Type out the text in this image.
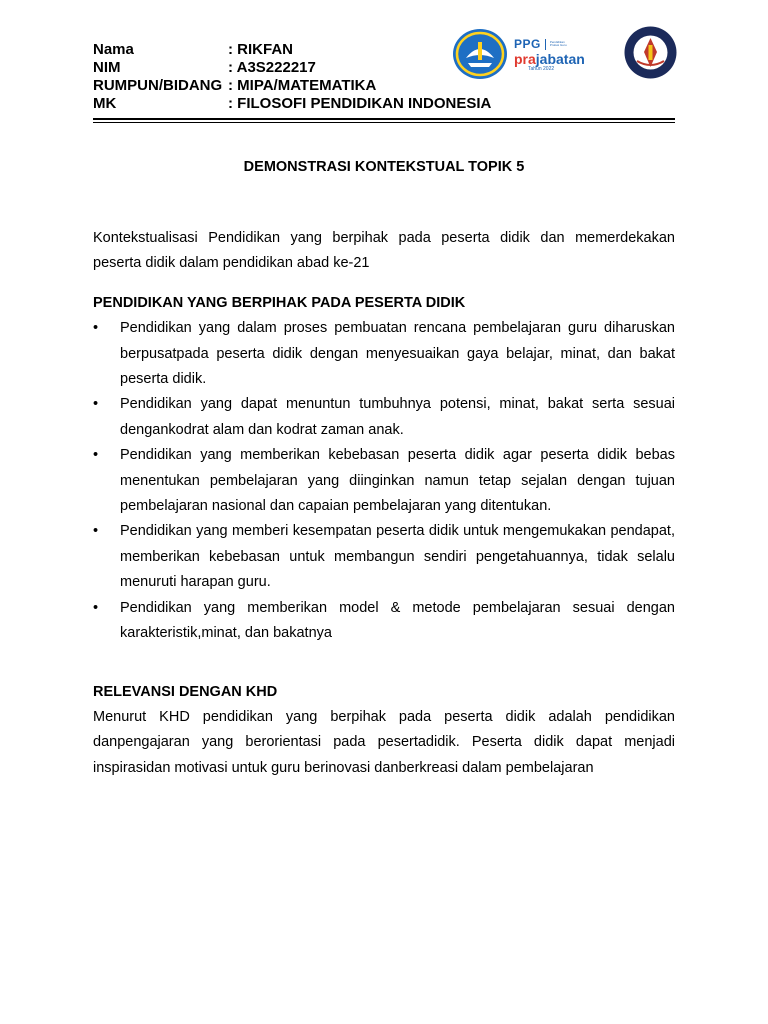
Nama	: RIKFAN
NIM	: A3S222217
RUMPUN/BIDANG : MIPA/MATEMATIKA
MK	: FILOSOFI PENDIDIKAN INDONESIA
PPG	Pendidikan Profesi Guru
prajabatan
Tahun 2022
DEMONSTRASI KONTEKSTUAL TOPIK 5

Kontekstualisasi Pendidikan yang berpihak pada peserta didik dan memerdekakan peserta didik dalam pendidikan abad ke-21

PENDIDIKAN YANG BERPIHAK PADA PESERTA DIDIK

• Pendidikan yang dalam proses pembuatan rencana pembelajaran guru diharuskan berpusatpada peserta didik dengan menyesuaikan gaya belajar, minat, dan bakat peserta didik.
• Pendidikan yang dapat menuntun tumbuhnya potensi, minat, bakat serta sesuai dengankodrat alam dan kodrat zaman anak.
• Pendidikan yang memberikan kebebasan peserta didik agar peserta didik bebas menentukan pembelajaran yang diinginkan namun tetap sejalan dengan tujuan pembelajaran nasional dan capaian pembelajaran yang ditentukan.
• Pendidikan yang memberi kesempatan peserta didik untuk mengemukakan pendapat, memberikan kebebasan untuk membangun sendiri pengetahuannya, tidak selalu menuruti harapan guru.
• Pendidikan yang memberikan model & metode pembelajaran sesuai dengan karakteristik,minat, dan bakatnya

RELEVANSI DENGAN KHD

Menurut KHD pendidikan yang berpihak pada peserta didik adalah pendidikan danpengajaran yang berorientasi pada pesertadidik. Peserta didik dapat menjadi inspirasidan motivasi untuk guru berinovasi danberkreasi dalam pembelajaran
